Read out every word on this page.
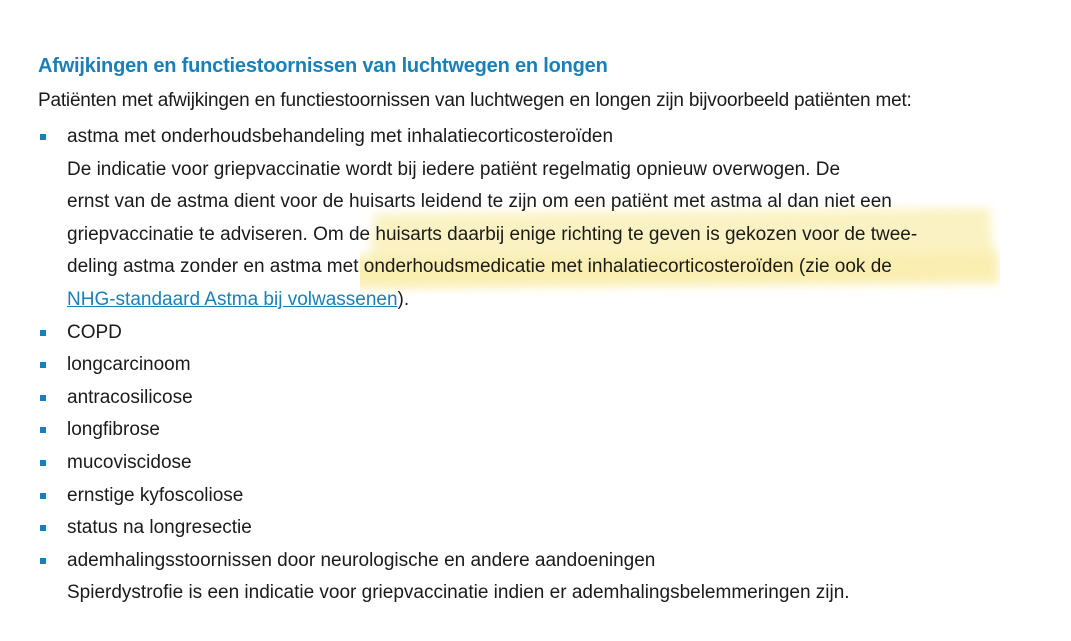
Afwijkingen en functiestoornissen van luchtwegen en longen

Patiënten met afwijkingen en functiestoornissen van luchtwegen en longen zijn bijvoorbeeld patiënten met:

astma met onderhoudsbehandeling met inhalatiecorticosteroïden
De indicatie voor griepvaccinatie wordt bij iedere patiënt regelmatig opnieuw overwogen. De
ernst van de astma dient voor de huisarts leidend te zijn om een patiënt met astma al dan niet een
griepvaccinatie te adviseren. Om de huisarts daarbij enige richting te geven is gekozen voor de twee-
deling astma zonder en astma met onderhoudsmedicatie met inhalatiecorticosteroïden (zie ook de
NHG-standaard Astma bij volwassenen).
COPD
longcarcinoom
antracosilicose
longfibrose
mucoviscidose
ernstige kyfoscoliose
status na longresectie
ademhalingsstoornissen door neurologische en andere aandoeningen
Spierdystrofie is een indicatie voor griepvaccinatie indien er ademhalingsbelemmeringen zijn.
